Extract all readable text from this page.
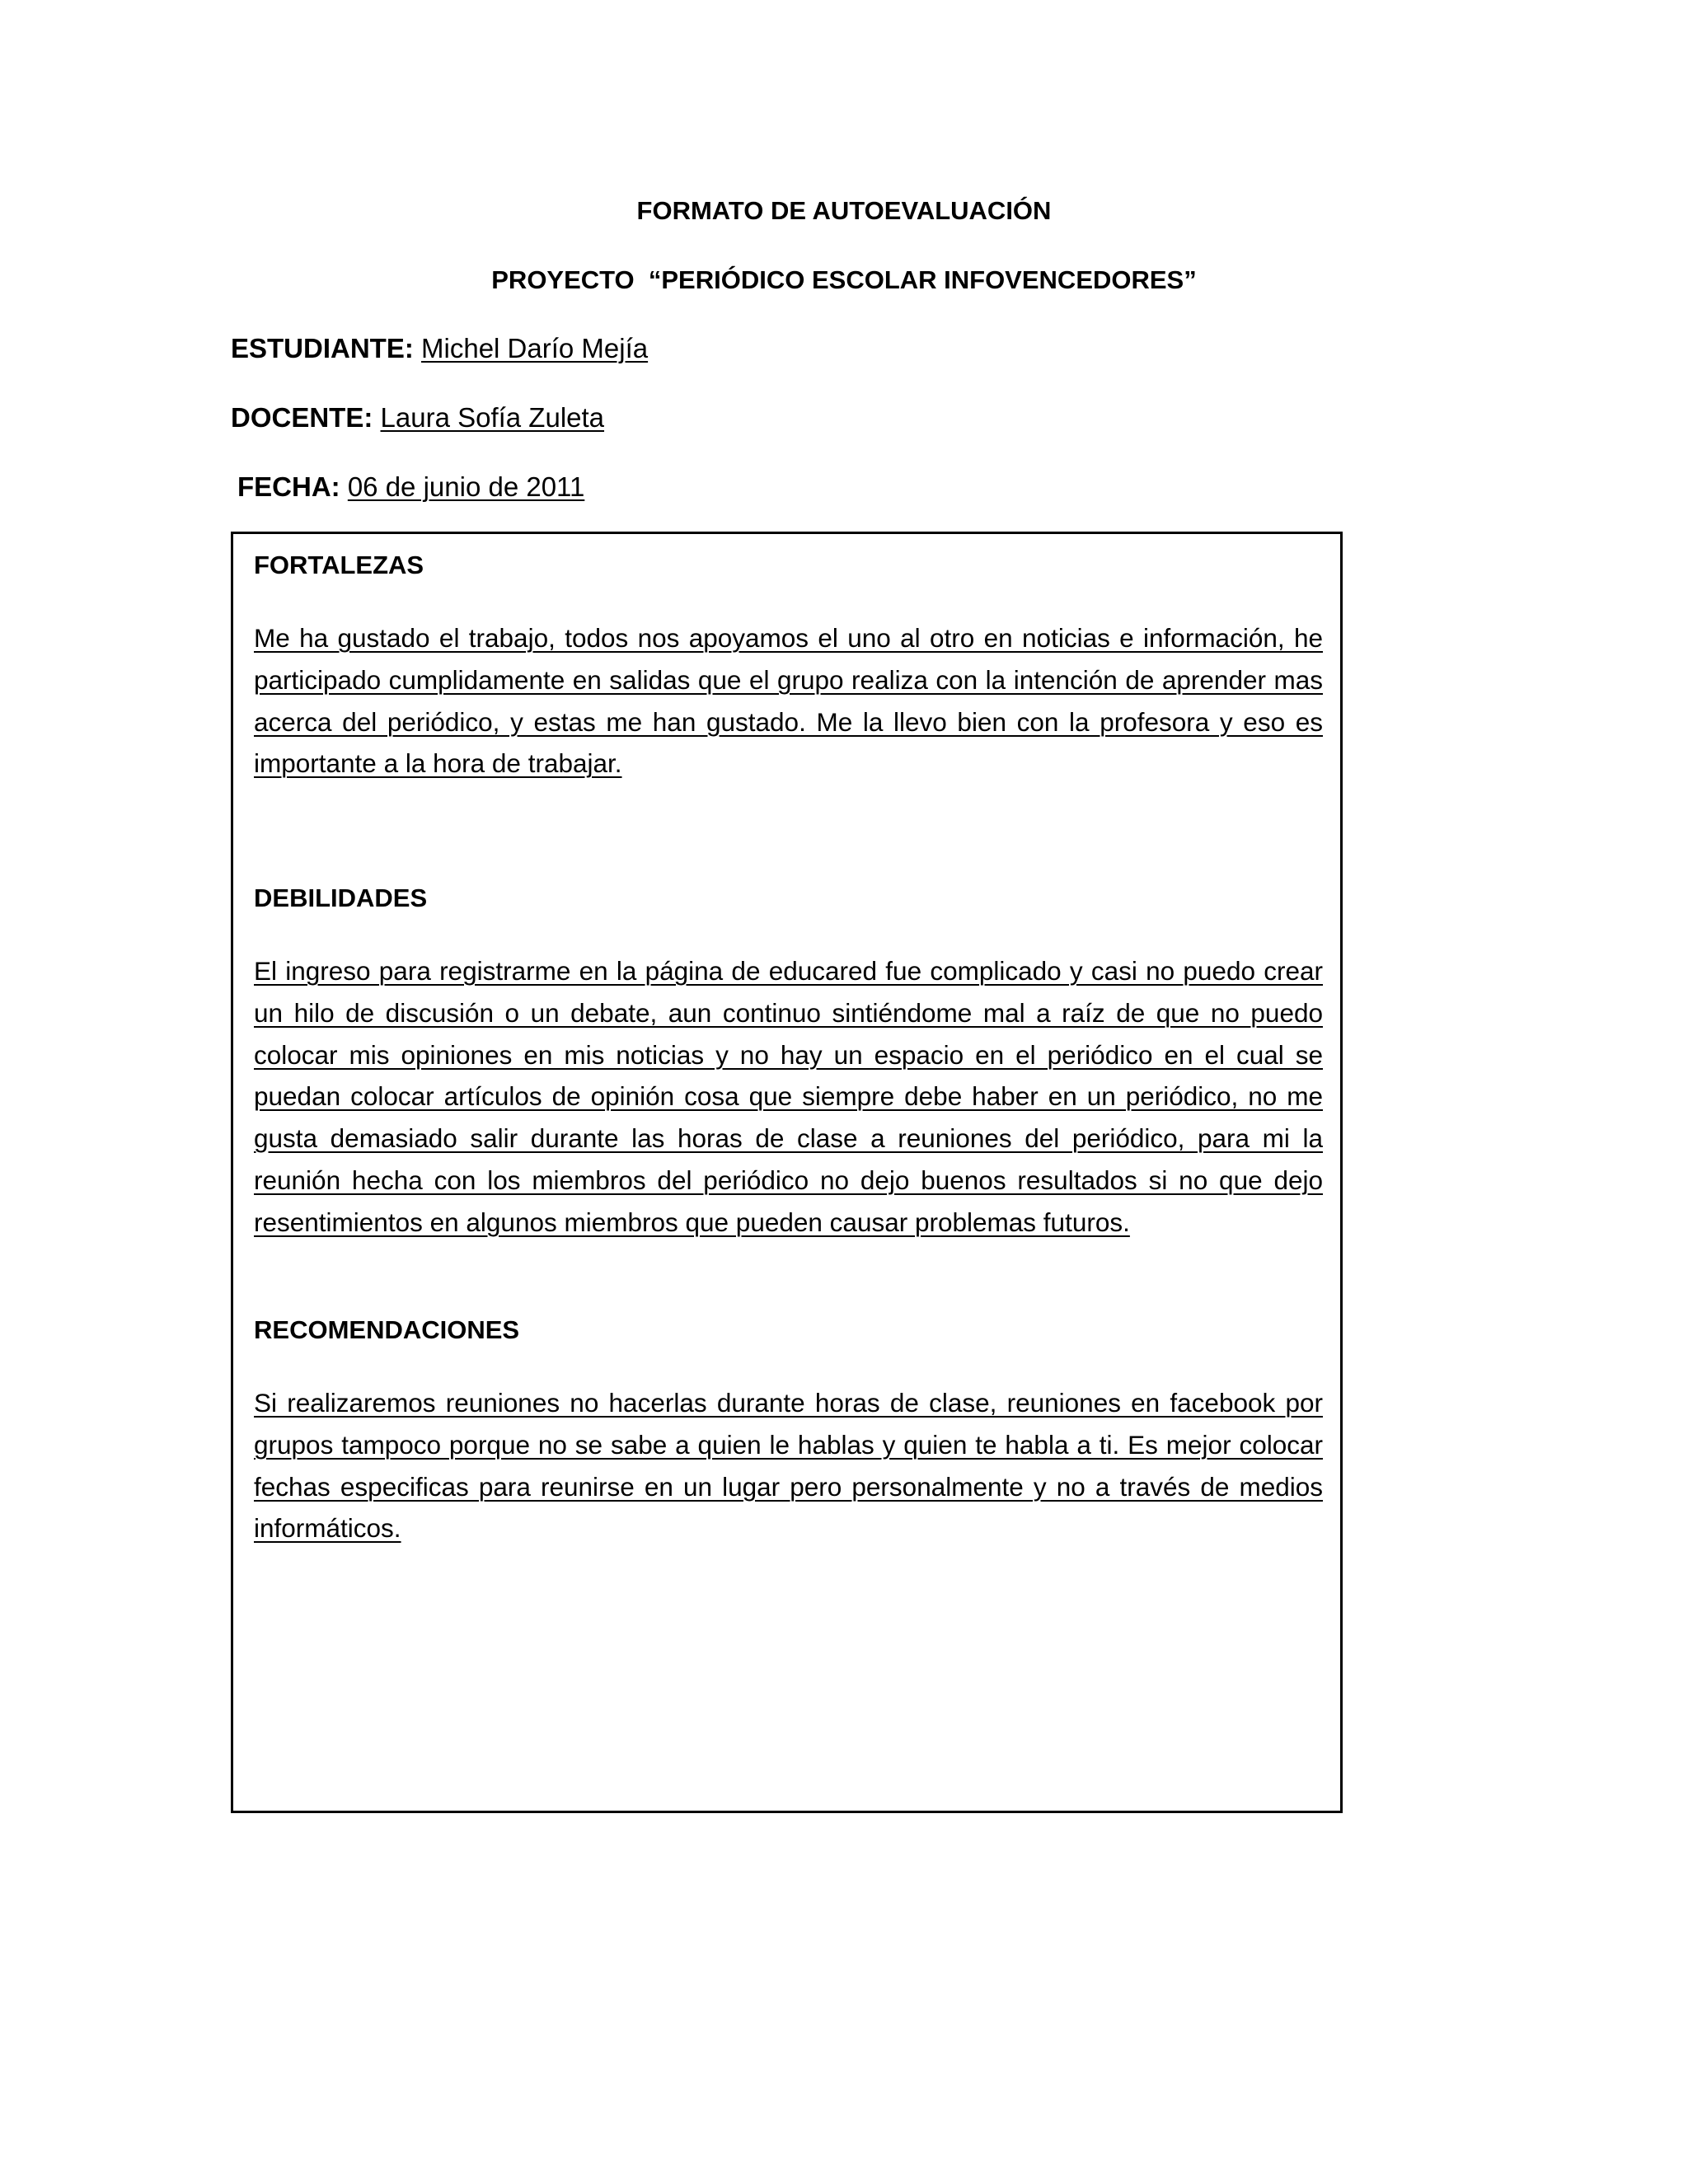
FORMATO DE AUTOEVALUACIÓN
PROYECTO  “PERIÓDICO ESCOLAR INFOVENCEDORES”
ESTUDIANTE: Michel Darío Mejía
DOCENTE: Laura Sofía Zuleta
FECHA: 06 de junio de 2011
FORTALEZAS

Me ha gustado el trabajo, todos nos apoyamos el uno al otro en noticias e información, he participado cumplidamente en salidas que el grupo realiza con la intención de aprender mas acerca del periódico, y estas me han gustado. Me la llevo bien con la profesora y eso es importante a la hora de trabajar.

DEBILIDADES

El ingreso para registrarme en la página de educared fue complicado y casi no puedo crear un hilo de discusión o un debate, aun continuo sintiéndome mal a raíz de que no puedo colocar mis opiniones en mis noticias y no hay un espacio en el periódico en el cual se puedan colocar artículos de opinión cosa que siempre debe haber en un periódico, no me gusta demasiado salir durante las horas de clase a reuniones del periódico, para mi la reunión hecha con los miembros del periódico no dejo buenos resultados si no que dejo resentimientos en algunos miembros que pueden causar problemas futuros.

RECOMENDACIONES

Si realizaremos reuniones no hacerlas durante horas de clase, reuniones en facebook por grupos tampoco porque no se sabe a quien le hablas y quien te habla a ti. Es mejor colocar fechas especificas para reunirse en un lugar pero personalmente y no a través de medios informáticos.
